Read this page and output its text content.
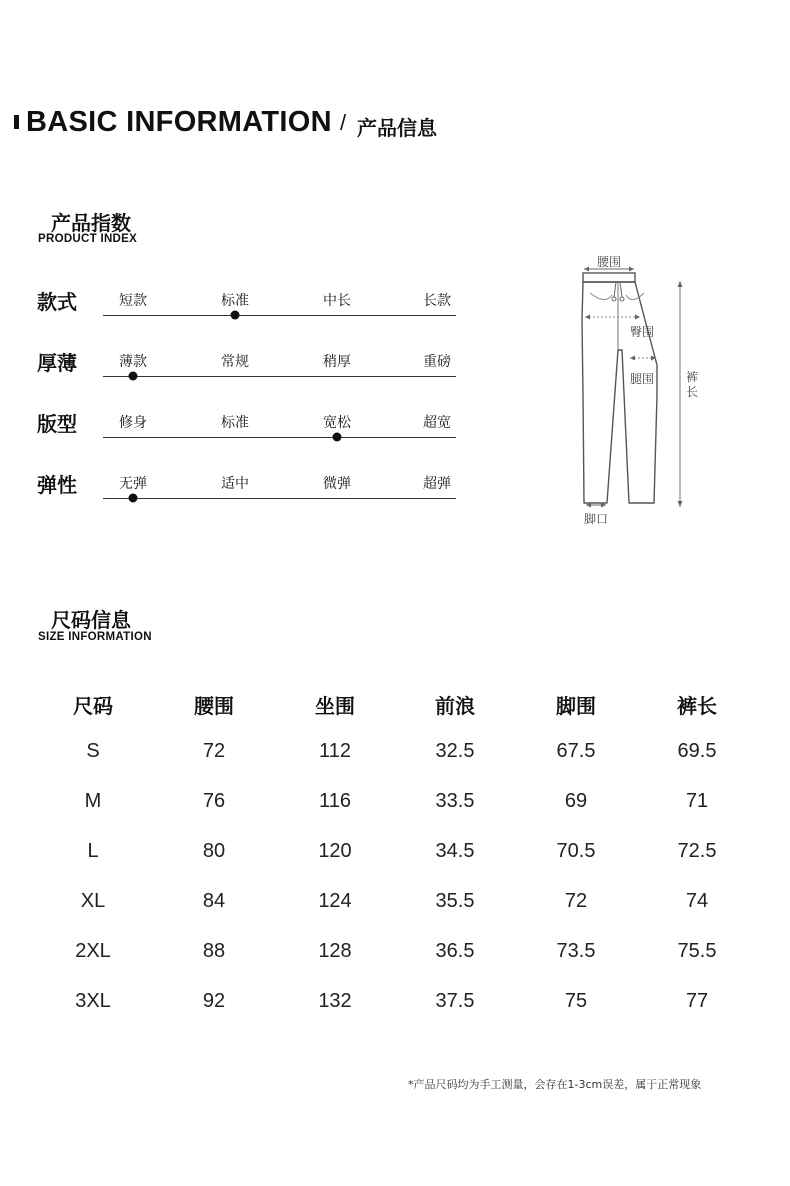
BASIC INFORMATION / 产品信息
产品指数
PRODUCT INDEX
款式	短款	标准	中长	长款
厚薄	薄款	常规	稍厚	重磅
版型	修身	标准	宽松	超宽
弹性	无弹	适中	微弹	超弹
腰围
臀围
腿围	裤
长
脚口
尺码信息
SIZE INFORMATION
尺码	腰围	坐围	前浪	脚围	裤长
S	72	112	32.5	67.5	69.5
M	76	116	33.5	69	71
L	80	120	34.5	70.5	72.5
XL	84	124	35.5	72	74
2XL	88	128	36.5	73.5	75.5
3XL	92	132	37.5	75	77
*产品尺码均为手工测量，会存在1-3cm误差，属于正常现象
